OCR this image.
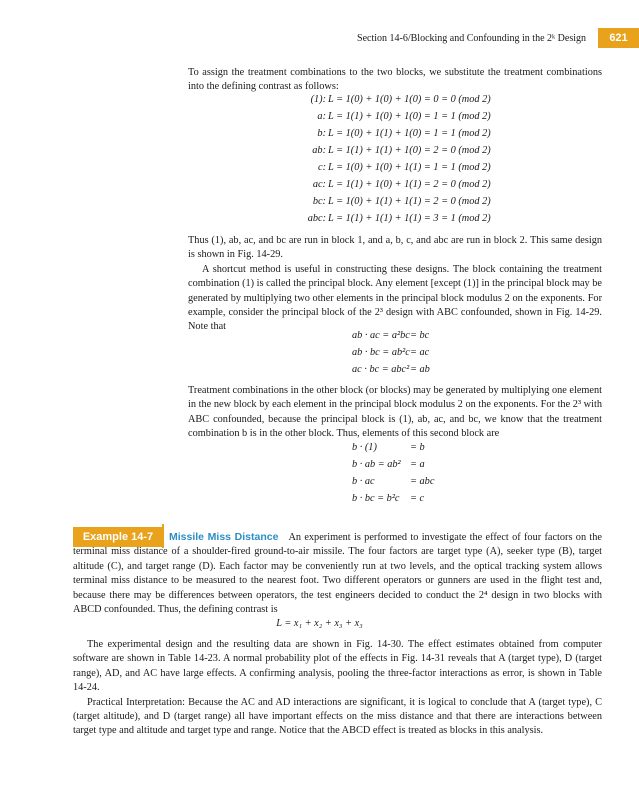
Section 14-6/Blocking and Confounding in the 2ᵏ Design	621

To assign the treatment combinations to the two blocks, we substitute the treatment combinations into the defining contrast as follows:

(1): L = 1(0) + 1(0) + 1(0) = 0 = 0 (mod 2)
a: L = 1(1) + 1(0) + 1(0) = 1 = 1 (mod 2)
b: L = 1(0) + 1(1) + 1(0) = 1 = 1 (mod 2)
ab: L = 1(1) + 1(1) + 1(0) = 2 = 0 (mod 2)
c: L = 1(0) + 1(0) + 1(1) = 1 = 1 (mod 2)
ac: L = 1(1) + 1(0) + 1(1) = 2 = 0 (mod 2)
bc: L = 1(0) + 1(1) + 1(1) = 2 = 0 (mod 2)
abc: L = 1(1) + 1(1) + 1(1) = 3 = 1 (mod 2)

Thus (1), ab, ac, and bc are run in block 1, and a, b, c, and abc are run in block 2. This same design is shown in Fig. 14-29.

A shortcut method is useful in constructing these designs. The block containing the treatment combination (1) is called the principal block. Any element [except (1)] in the principal block may be generated by multiplying two other elements in the principal block modulus 2 on the exponents. For example, consider the principal block of the 2³ design with ABC confounded, shown in Fig. 14-29. Note that

ab · ac = a²bc = bc
ab · bc = ab²c = ac
ac · bc = abc² = ab

Treatment combinations in the other block (or blocks) may be generated by multiplying one element in the new block by each element in the principal block modulus 2 on the exponents. For the 2³ with ABC confounded, because the principal block is (1), ab, ac, and bc, we know that the treatment combination b is in the other block. Thus, elements of this second block are

b · (1)	= b
b · ab = ab² = a
b · ac	= abc
b · bc = b²c = c
Example 14-7	Missile Miss Distance An experiment is performed to investigate the effect of four factors on the terminal miss distance of a shoulder-fired ground-to-air missile. The four factors are target type (A), seeker type (B), target altitude (C), and target range (D). Each factor may be conveniently run at two levels, and the optical tracking system allows terminal miss distance to be measured to the nearest foot. Two different operators or gunners are used in the flight test and, because there may be differences between operators, the test engineers decided to conduct the 2⁴ design in two blocks with ABCD confounded. Thus, the defining contrast is

L = x₁ + x₂ + x₃ + x₃

The experimental design and the resulting data are shown in Fig. 14-30. The effect estimates obtained from computer software are shown in Table 14-23. A normal probability plot of the effects in Fig. 14-31 reveals that A (target type), D (target range), AD, and AC have large effects. A confirming analysis, pooling the three-factor interactions as error, is shown in Table 14-24.

Practical Interpretation: Because the AC and AD interactions are significant, it is logical to conclude that A (target type), C (target altitude), and D (target range) all have important effects on the miss distance and that there are interactions between target type and altitude and target type and range. Notice that the ABCD effect is treated as blocks in this analysis.
